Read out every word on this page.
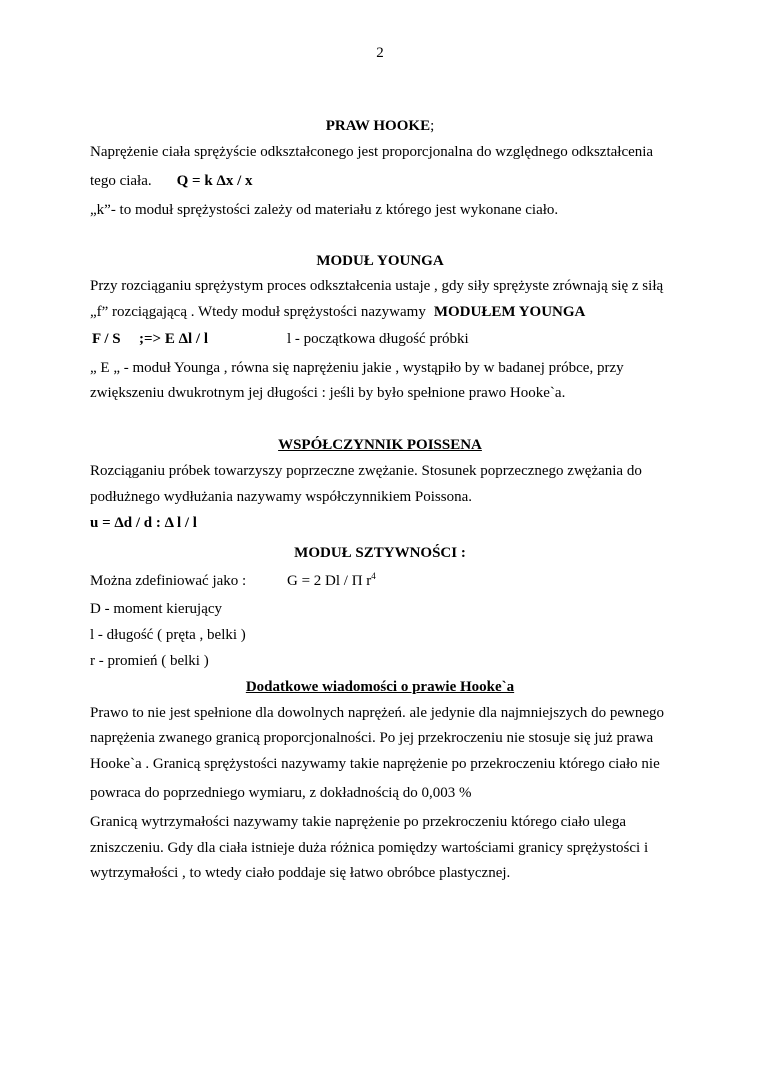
2
PRAW HOOKE;
Naprężenie ciała sprężyście odkształconego jest proporcjonalna do względnego odkształcenia
tego ciała. Q = k Δx / x
„k”- to moduł sprężystości zależy od materiału z którego jest wykonane ciało.
MODUŁ YOUNGA
Przy rozciąganiu sprężystym proces odkształcenia ustaje , gdy siły sprężyste zrównają się z siłą
„f” rozciągającą . Wtedy moduł sprężystości nazywamy MODUŁEM YOUNGA
F / S ;=> E Δl / l	l - początkowa długość próbki
„ E „ - moduł Younga , równa się naprężeniu jakie , wystąpiło by w badanej próbce, przy
zwiększeniu dwukrotnym jej długości : jeśli by było spełnione prawo Hooke`a.
WSPÓŁCZYNNIK POISSENA
Rozciąganiu próbek towarzyszy poprzeczne zwężanie. Stosunek poprzecznego zwężania do
podłużnego wydłużania nazywamy współczynnikiem Poissona.
u = Δd / d : Δ l / l
MODUŁ SZTYWNOŚCI :
Można zdefiniować jako :	G = 2 Dl / Π $r^4$
D - moment kierujący
l - długość ( pręta , belki )
r - promień ( belki )
Dodatkowe wiadomości o prawie Hooke`a
Prawo to nie jest spełnione dla dowolnych naprężeń. ale jedynie dla najmniejszych do pewnego
naprężenia zwanego granicą proporcjonalności. Po jej przekroczeniu nie stosuje się już prawa
Hooke`a . Granicą sprężystości nazywamy takie naprężenie po przekroczeniu którego ciało nie
powraca do poprzedniego wymiaru, z dokładnością do 0,003 %
Granicą wytrzymałości nazywamy takie naprężenie po przekroczeniu którego ciało ulega
zniszczeniu. Gdy dla ciała istnieje duża różnica pomiędzy wartościami granicy sprężystości i
wytrzymałości , to wtedy ciało poddaje się łatwo obróbce plastycznej.
